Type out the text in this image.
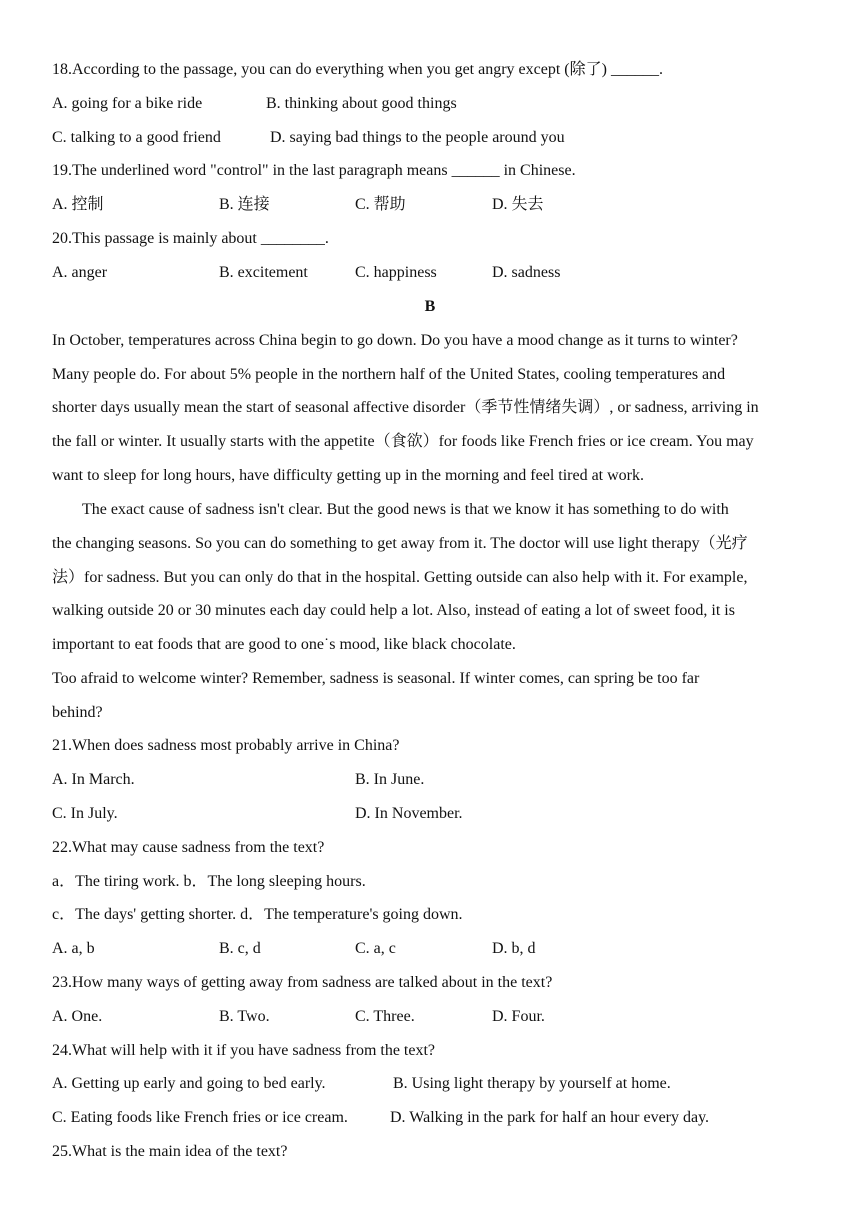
18.According to the passage, you can do everything when you get angry except (除了) ______.
A. going for a bike ride	B. thinking about good things
C. talking to a good friend	D. saying bad things to the people around you
19.The underlined word "control" in the last paragraph means ______ in Chinese.
A. 控制	B. 连接	C. 帮助	D. 失去
20.This passage is mainly about ________.
A. anger	B. excitement	C. happiness	D. sadness
B
In October, temperatures across China begin to go down. Do you have a mood change as it turns to winter?
Many people do. For about 5% people in the northern half of the United States, cooling temperatures and
shorter days usually mean the start of seasonal affective disorder（季节性情绪失调）, or sadness, arriving in
the fall or winter. It usually starts with the appetite（食欲）for foods like French fries or ice cream. You may
want to sleep for long hours, have difficulty getting up in the morning and feel tired at work.
The exact cause of sadness isn't clear. But the good news is that we know it has something to do with
the changing seasons. So you can do something to get away from it. The doctor will use light therapy（光疗
法）for sadness. But you can only do that in the hospital. Getting outside can also help with it. For example,
walking outside 20 or 30 minutes each day could help a lot. Also, instead of eating a lot of sweet food, it is
important to eat foods that are good to one˙s mood, like black chocolate.
Too afraid to welcome winter? Remember, sadness is seasonal. If winter comes, can spring be too far
behind?
21.When does sadness most probably arrive in China?
A. In March.	B. In June.
C. In July.	D. In November.
22.What may cause sadness from the text?
a．The tiring work. b．The long sleeping hours.
c．The days' getting shorter. d．The temperature's going down.
A. a, b	B. c, d	C. a, c	D. b, d
23.How many ways of getting away from sadness are talked about in the text?
A. One.	B. Two.	C. Three.	D. Four.
24.What will help with it if you have sadness from the text?
A. Getting up early and going to bed early.	B. Using light therapy by yourself at home.
C. Eating foods like French fries or ice cream.	D. Walking in the park for half an hour every day.
25.What is the main idea of the text?
